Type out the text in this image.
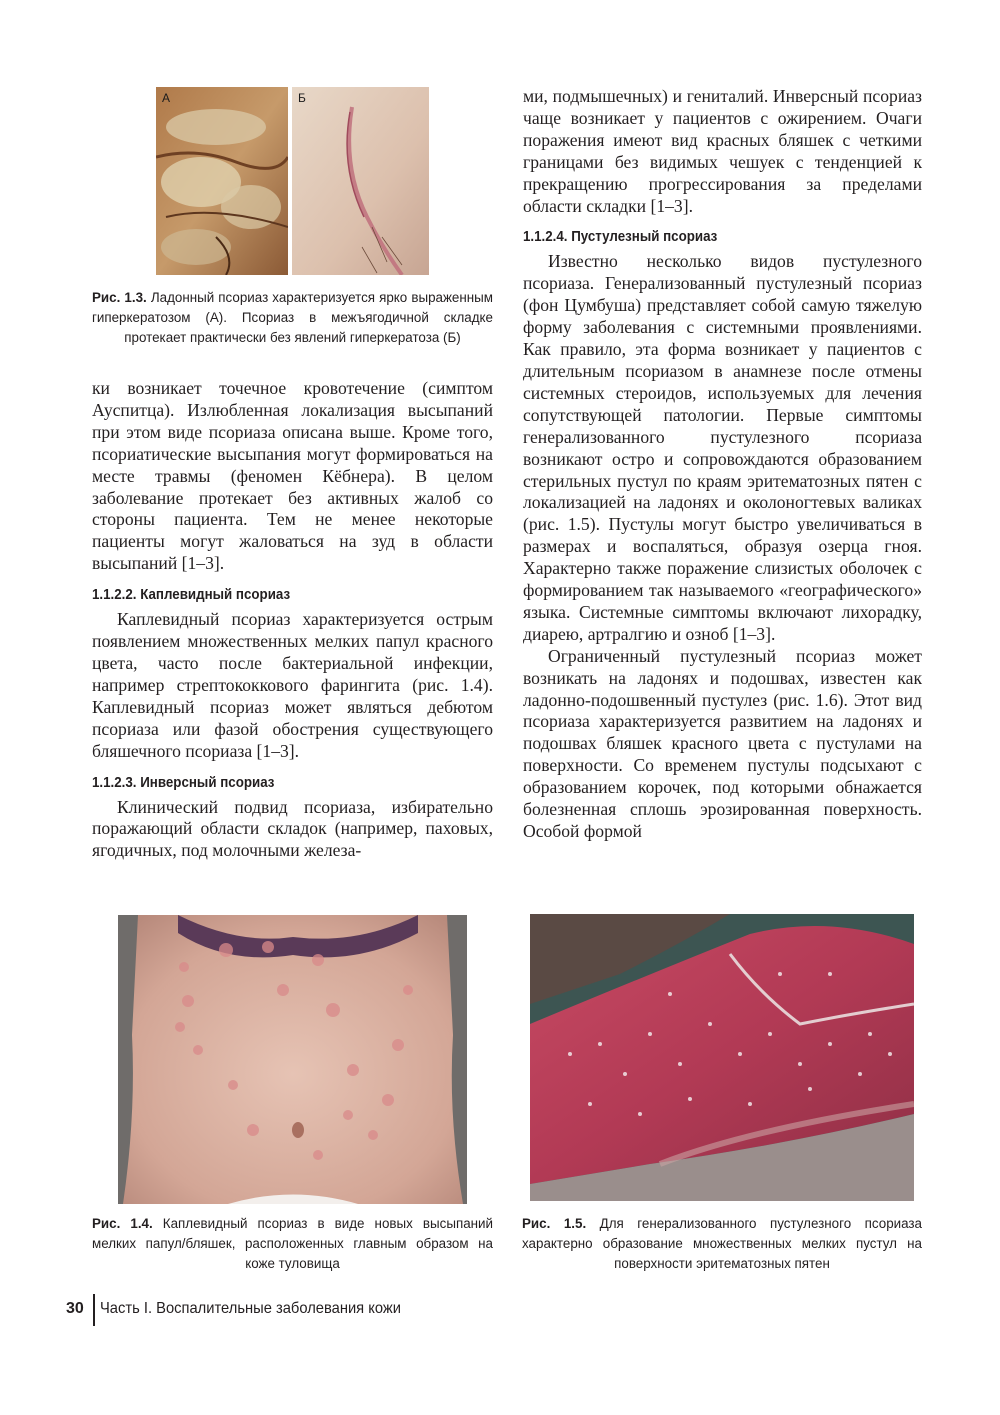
А	Б
Рис. 1.3. Ладонный псориаз характеризуется ярко выраженным гиперкератозом (А). Псориаз в межъягодичной складке протекает практически без явлений гиперкератоза (Б)

ки возникает точечное кровотечение (симптом Ауспитца). Излюбленная локализация высыпаний при этом виде псориаза описана выше. Кроме того, псориатические высыпания могут формироваться на месте травмы (феномен Кёбнера). В целом заболевание протекает без активных жалоб со стороны пациента. Тем не менее некоторые пациенты могут жаловаться на зуд в области высыпаний [1–3].

1.1.2.2. Каплевидный псориаз

Каплевидный псориаз характеризуется острым появлением множественных мелких папул красного цвета, часто после бактериальной инфекции, например стрептококкового фарингита (рис. 1.4). Каплевидный псориаз может являться дебютом псориаза или фазой обострения существующего бляшечного псориаза [1–3].

1.1.2.3. Инверсный псориаз

Клинический подвид псориаза, избирательно поражающий области складок (например, паховых, ягодичных, под молочными железа-

ми, подмышечных) и гениталий. Инверсный псориаз чаще возникает у пациентов с ожирением. Очаги поражения имеют вид красных бляшек с четкими границами без видимых чешуек с тенденцией к прекращению прогрессирования за пределами области складки [1–3].

1.1.2.4. Пустулезный псориаз

Известно несколько видов пустулезного псориаза. Генерализованный пустулезный псориаз (фон Цумбуша) представляет собой самую тяжелую форму заболевания с системными проявлениями. Как правило, эта форма возникает у пациентов с длительным псориазом в анамнезе после отмены системных стероидов, используемых для лечения сопутствующей патологии. Первые симптомы генерализованного пустулезного псориаза возникают остро и сопровождаются образованием стерильных пустул по краям эритематозных пятен с локализацией на ладонях и околоногтевых валиках (рис. 1.5). Пустулы могут быстро увеличиваться в размерах и воспаляться, образуя озерца гноя. Характерно также поражение слизистых оболочек с формированием так называемого «географического» языка. Системные симптомы включают лихорадку, диарею, артралгию и озноб [1–3].

Ограниченный пустулезный псориаз может возникать на ладонях и подошвах, известен как ладонно-подошвенный пустулез (рис. 1.6). Этот вид псориаза характеризуется развитием на ладонях и подошвах бляшек красного цвета с пустулами на поверхности. Со временем пустулы подсыхают с образованием корочек, под которыми обнажается болезненная сплошь эрозированная поверхность. Особой формой

Рис. 1.4. Каплевидный псориаз в виде новых высыпаний мелких папул/бляшек, расположенных главным образом на коже туловища
Рис. 1.5. Для генерализованного пустулезного псориаза характерно образование множественных мелких пустул на поверхности эритематозных пятен
30 Часть I. Воспалительные заболевания кожи
